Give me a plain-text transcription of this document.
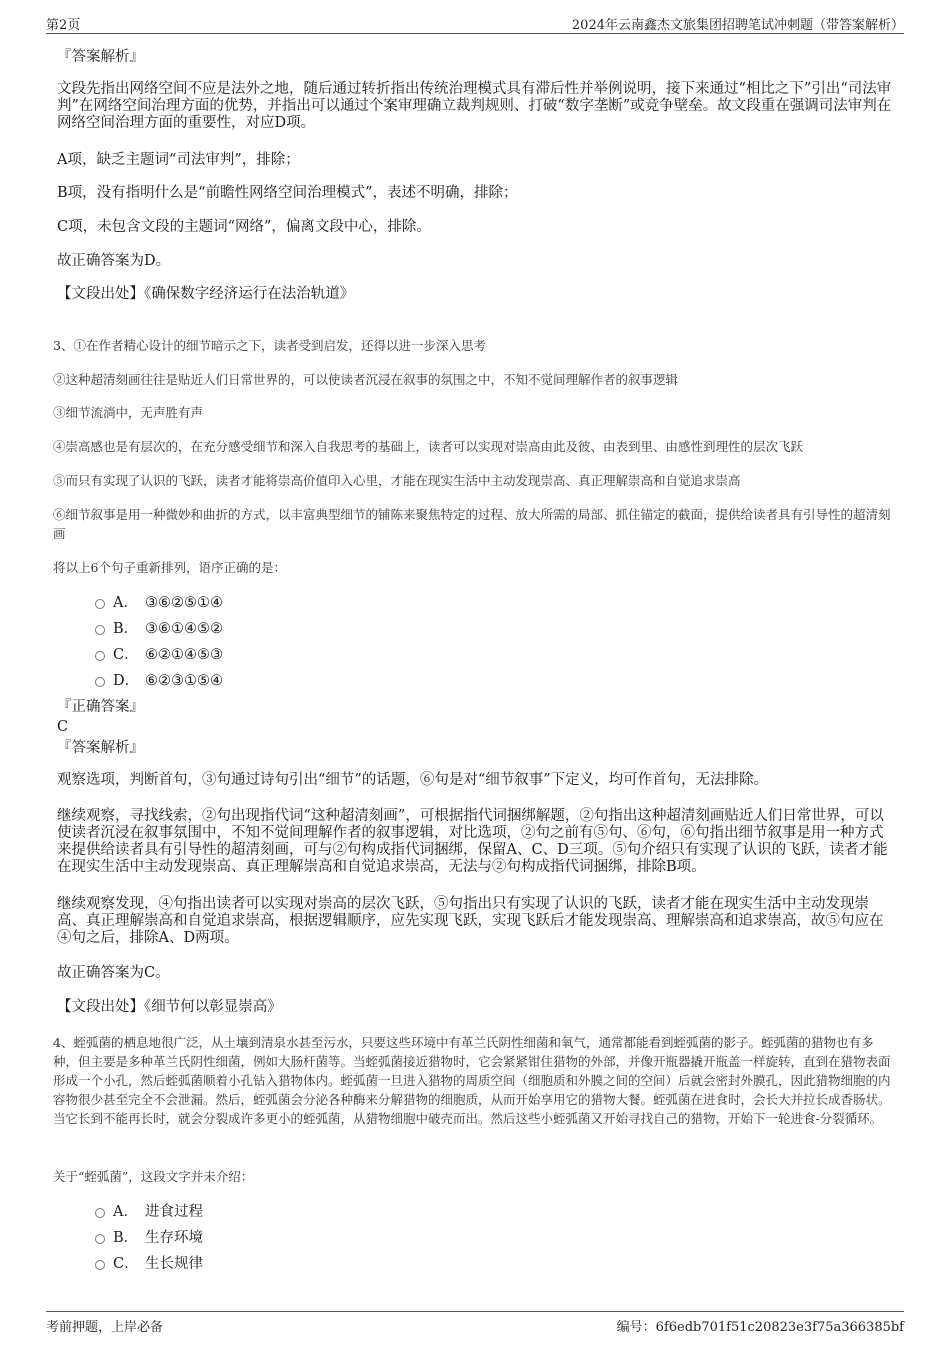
第2页	2024年云南鑫杰文旅集团招聘笔试冲刺题（带答案解析）
『答案解析』
文段先指出网络空间不应是法外之地，随后通过转折指出传统治理模式具有滞后性并举例说明，接下来通过“相比之下”引出“司法审判”在网络空间治理方面的优势，并指出可以通过个案审理确立裁判规则、打破“数字垄断”或竞争壁垒。故文段重在强调司法审判在网络空间治理方面的重要性，对应D项。
A项，缺乏主题词“司法审判”，排除；
B项，没有指明什么是“前瞻性网络空间治理模式”，表述不明确，排除；
C项，未包含文段的主题词“网络”，偏离文段中心，排除。
故正确答案为D。
【文段出处】《确保数字经济运行在法治轨道》
3、①在作者精心设计的细节暗示之下，读者受到启发，还得以进一步深入思考
②这种超清刻画往往是贴近人们日常世界的，可以使读者沉浸在叙事的氛围之中，不知不觉间理解作者的叙事逻辑
③细节流淌中，无声胜有声
④崇高感也是有层次的，在充分感受细节和深入自我思考的基础上，读者可以实现对崇高由此及彼、由表到里、由感性到理性的层次飞跃
⑤而只有实现了认识的飞跃，读者才能将崇高价值印入心里，才能在现实生活中主动发现崇高、真正理解崇高和自觉追求崇高
⑥细节叙事是用一种微妙和曲折的方式，以丰富典型细节的铺陈来聚焦特定的过程、放大所需的局部、抓住锚定的截面，提供给读者具有引导性的超清刻画
将以上6个句子重新排列，语序正确的是：
A． ③⑥②⑤①④
B． ③⑥①④⑤②
C． ⑥②①④⑤③
D． ⑥②③①⑤④
『正确答案』
C
『答案解析』
观察选项，判断首句，③句通过诗句引出“细节”的话题，⑥句是对“细节叙事”下定义，均可作首句，无法排除。
继续观察，寻找线索，②句出现指代词“这种超清刻画”，可根据指代词捆绑解题，②句指出这种超清刻画贴近人们日常世界，可以使读者沉浸在叙事氛围中，不知不觉间理解作者的叙事逻辑，对比选项，②句之前有⑤句、⑥句，⑥句指出细节叙事是用一种方式来提供给读者具有引导性的超清刻画，可与②句构成指代词捆绑，保留A、C、D三项。⑤句介绍只有实现了认识的飞跃，读者才能在现实生活中主动发现崇高、真正理解崇高和自觉追求崇高，无法与②句构成指代词捆绑，排除B项。
继续观察发现，④句指出读者可以实现对崇高的层次飞跃，⑤句指出只有实现了认识的飞跃，读者才能在现实生活中主动发现崇高、真正理解崇高和自觉追求崇高，根据逻辑顺序，应先实现飞跃，实现飞跃后才能发现崇高、理解崇高和追求崇高，故⑤句应在④句之后，排除A、D两项。
故正确答案为C。
【文段出处】《细节何以彰显崇高》
4、蛭弧菌的栖息地很广泛，从土壤到清泉水甚至污水，只要这些环境中有革兰氏阴性细菌和氧气，通常都能看到蛭弧菌的影子。蛭弧菌的猎物也有多种，但主要是多种革兰氏阴性细菌，例如大肠杆菌等。当蛭弧菌接近猎物时，它会紧紧钳住猎物的外部，并像开瓶器撬开瓶盖一样旋转，直到在猎物表面形成一个小孔，然后蛭弧菌顺着小孔钻入猎物体内。蛭弧菌一旦进入猎物的周质空间（细胞质和外膜之间的空间）后就会密封外膜孔，因此猎物细胞的内容物很少甚至完全不会泄漏。然后，蛭弧菌会分泌各种酶来分解猎物的细胞质，从而开始享用它的猎物大餐。蛭弧菌在进食时，会长大并拉长成香肠状。当它长到不能再长时，就会分裂成许多更小的蛭弧菌，从猎物细胞中破壳而出。然后这些小蛭弧菌又开始寻找自己的猎物，开始下一轮进食-分裂循环。
关于“蛭弧菌”，这段文字并未介绍：
A． 进食过程
B． 生存环境
C． 生长规律
考前押题，上岸必备	编号：6f6edb701f51c20823e3f75a366385bf
